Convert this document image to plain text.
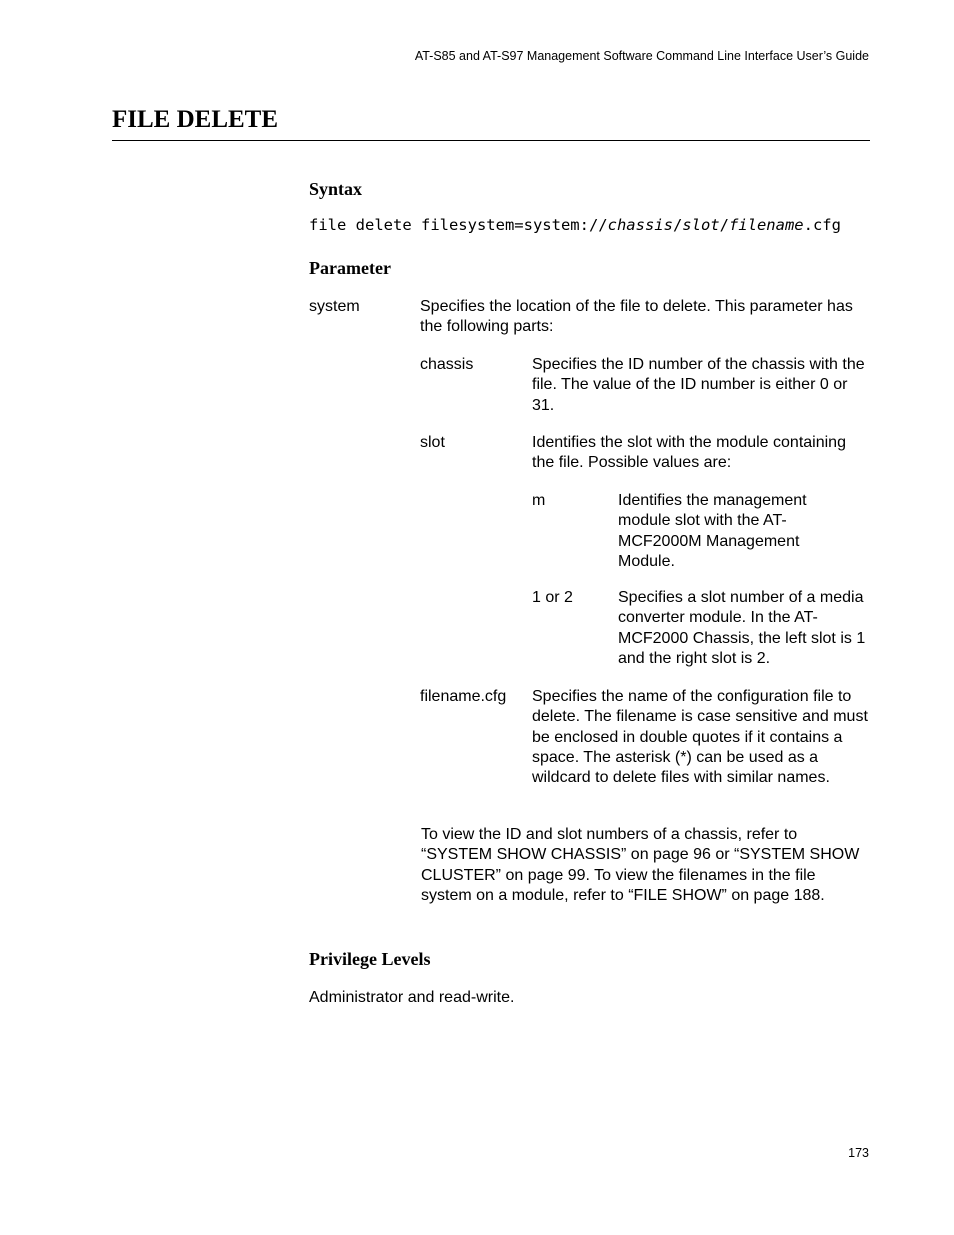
AT-S85 and AT-S97 Management Software Command Line Interface User’s Guide
FILE DELETE
Syntax
file delete filesystem=system://chassis/slot/filename.cfg
Parameter
system	Specifies the location of the file to delete. This parameter has the following parts:
chassis	Specifies the ID number of the chassis with the file. The value of the ID number is either 0 or 31.
slot	Identifies the slot with the module containing the file. Possible values are:
m	Identifies the management module slot with the AT-MCF2000M Management Module.
1 or 2	Specifies a slot number of a media converter module. In the AT-MCF2000 Chassis, the left slot is 1 and the right slot is 2.
filename.cfg Specifies the name of the configuration file to delete. The filename is case sensitive and must be enclosed in double quotes if it contains a space. The asterisk (*) can be used as a wildcard to delete files with similar names.
To view the ID and slot numbers of a chassis, refer to “SYSTEM SHOW CHASSIS” on page 96 or “SYSTEM SHOW CLUSTER” on page 99. To view the filenames in the file system on a module, refer to “FILE SHOW” on page 188.
Privilege Levels
Administrator and read-write.
173
